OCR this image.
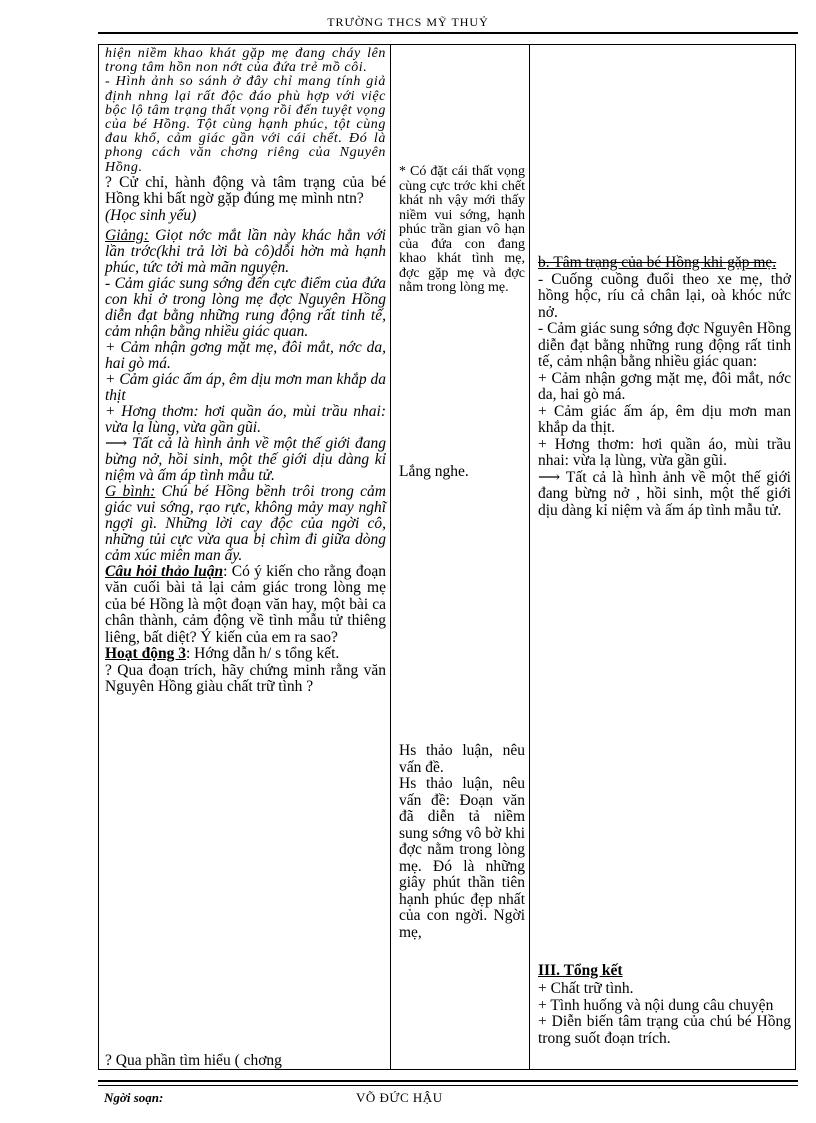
TRƯỜNG THCS MỸ THUỶ

hiện niềm khao khát gặp mẹ đang cháy lên trong tâm hồn non nớt của đứa trẻ mồ côi.

- Hình ảnh so sánh ở đây chỉ mang tính giả định nhng lại rất độc đáo phù hợp với việc bộc lộ tâm trạng thất vọng rồi đến tuyệt vọng của bé Hồng. Tột cùng hạnh phúc, tột cùng đau khổ, cảm giác gần với cái chết. Đó là phong cách văn chơng riêng của Nguyên Hồng.

? Cử chỉ, hành động và tâm trạng của bé Hồng khi bất ngờ gặp đúng mẹ mình ntn?

(Học sinh yếu)

Giảng: Giọt nớc mắt lần này khác hẳn với lần trớc(khi trả lời bà cô)dỗi hờn mà hạnh phúc, tức tởi mà mãn nguyện.

- Cảm giác sung sớng đến cực điểm của đứa con khi ở trong lòng mẹ đợc Nguyên Hồng diễn đạt bằng những rung động rất tinh tế, cảm nhận bằng nhiều giác quan.

+ Cảm nhận gơng mặt mẹ, đôi mắt, nớc da, hai gò má.

+ Cảm giác ấm áp, êm dịu mơn man khắp da thịt

+ Hơng thơm: hơi quần áo, mùi trầu nhai: vừa lạ lùng, vừa gần gũi.

⟶ Tất cả là hình ảnh về một thế giới đang bừng nở, hồi sinh, một thế giới dịu dàng kỉ niệm và ấm áp tình mẫu tử.

G bình: Chú bé Hồng bềnh trôi trong cảm giác vui sớng, rạo rực, không mảy may nghĩ ngợi gì. Những lời cay độc của ngời cô, những tủi cực vừa qua bị chìm đi giữa dòng cảm xúc miên man ấy.

Câu hỏi thảo luận: Có ý kiến cho rằng đoạn văn cuối bài tả lại cảm giác trong lòng mẹ của bé Hồng là một đoạn văn hay, một bài ca chân thành, cảm động về tình mẫu tử thiêng liêng, bất diệt? Ý kiến của em ra sao?

Hoạt động 3: Hớng dẫn h/ s tổng kết.

? Qua đoạn trích, hãy chứng minh rằng văn Nguyên Hồng giàu chất trữ tình ?

? Qua phần tìm hiểu ( chơng

* Có đặt cái thất vọng cùng cực trớc khi chết khát nh vậy mới thấy niềm vui sớng, hạnh phúc trần gian vô hạn của đứa con đang khao khát tình mẹ, đợc gặp mẹ và đợc nằm trong lòng mẹ.

Lắng nghe.

Hs thảo luận, nêu vấn đề.

Hs thảo luận, nêu vấn đề: Đoạn văn đã diễn tả niềm sung sớng vô bờ khi đợc nằm trong lòng mẹ. Đó là những giây phút thần tiên hạnh phúc đẹp nhất của con ngời. Ngời mẹ,

b. Tâm trạng của bé Hồng khi gặp mẹ.

- Cuống cuồng đuổi theo xe mẹ, thở hồng hộc, ríu cả chân lại, oà khóc nức nở.

- Cảm giác sung sớng đợc Nguyên Hồng diễn đạt bằng những rung động rất tinh tế, cảm nhận bằng nhiều giác quan:

+ Cảm nhận gơng mặt mẹ, đôi mắt, nớc da, hai gò má.

+ Cảm giác ấm áp, êm dịu mơn man khắp da thịt.

+ Hơng thơm: hơi quần áo, mùi trầu nhai: vừa lạ lùng, vừa gần gũi.

⟶ Tất cả là hình ảnh về một thế giới đang bừng nở , hồi sinh, một thế giới dịu dàng kỉ niệm và ấm áp tình mẫu tử.

III. Tổng kết

+ Chất trữ tình.

+ Tình huống và nội dung câu chuyện

+ Diễn biến tâm trạng của chú bé Hồng trong suốt đoạn trích.

Ngời soạn:	VÕ ĐỨC HẬU
